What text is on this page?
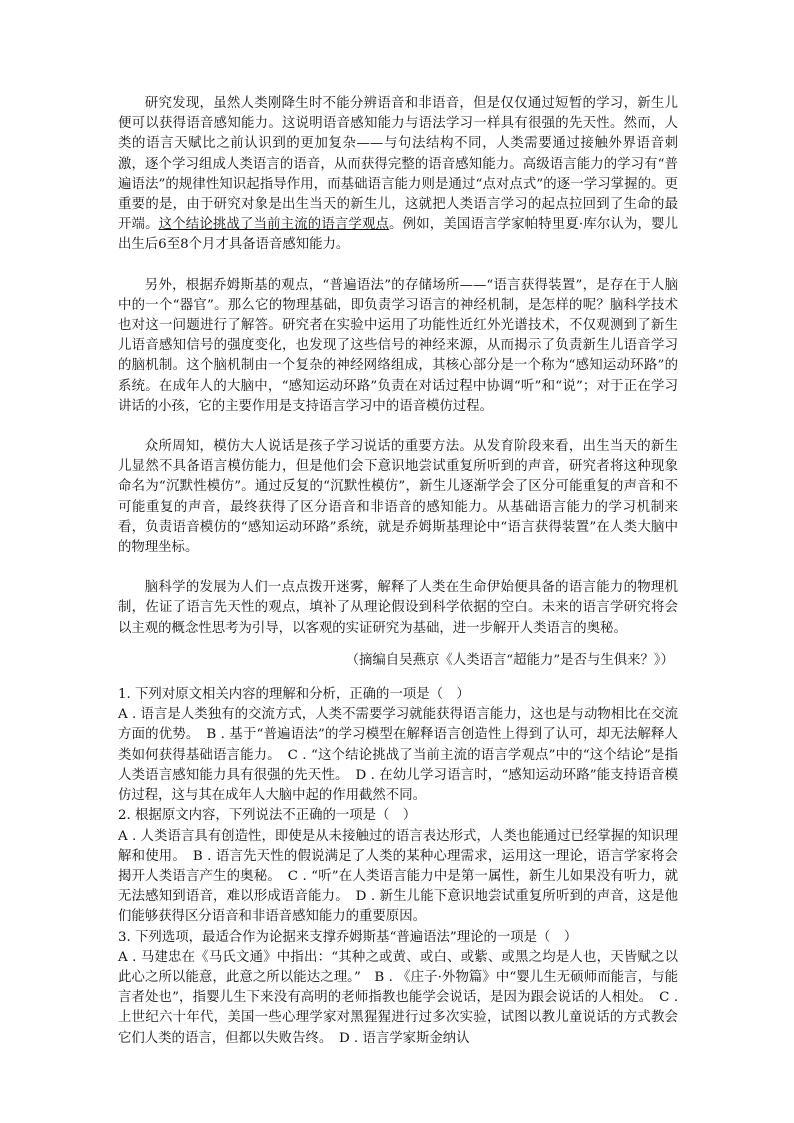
研究发现，虽然人类刚降生时不能分辨语音和非语音，但是仅仅通过短暂的学习，新生儿便可以获得语音感知能力。这说明语音感知能力与语法学习一样具有很强的先天性。然而，人类的语言天赋比之前认识到的更加复杂——与句法结构不同，人类需要通过接触外界语音刺激，逐个学习组成人类语言的语音，从而获得完整的语音感知能力。高级语言能力的学习有“普遍语法”的规律性知识起指导作用，而基础语言能力则是通过“点对点式”的逐一学习掌握的。更重要的是，由于研究对象是出生当天的新生儿，这就把人类语言学习的起点拉回到了生命的最开端。这个结论挑战了当前主流的语言学观点。例如，美国语言学家帕特里夏·库尔认为，婴儿出生后6至8个月才具备语音感知能力。

另外，根据乔姆斯基的观点，“普遍语法”的存储场所——“语言获得装置”，是存在于人脑中的一个“器官”。那么它的物理基础，即负责学习语言的神经机制，是怎样的呢？脑科学技术也对这一问题进行了解答。研究者在实验中运用了功能性近红外光谱技术，不仅观测到了新生儿语音感知信号的强度变化，也发现了这些信号的神经来源，从而揭示了负责新生儿语音学习的脑机制。这个脑机制由一个复杂的神经网络组成，其核心部分是一个称为“感知运动环路”的系统。在成年人的大脑中，“感知运动环路”负责在对话过程中协调“听”和“说”；对于正在学习讲话的小孩，它的主要作用是支持语言学习中的语音模仿过程。

众所周知，模仿大人说话是孩子学习说话的重要方法。从发育阶段来看，出生当天的新生儿显然不具备语言模仿能力，但是他们会下意识地尝试重复所听到的声音，研究者将这种现象命名为“沉默性模仿”。通过反复的“沉默性模仿”，新生儿逐渐学会了区分可能重复的声音和不可能重复的声音，最终获得了区分语音和非语音的感知能力。从基础语言能力的学习机制来看，负责语音模仿的“感知运动环路”系统，就是乔姆斯基理论中“语言获得装置”在人类大脑中的物理坐标。

脑科学的发展为人们一点点拨开迷雾，解释了人类在生命伊始便具备的语言能力的物理机制，佐证了语言先天性的观点，填补了从理论假设到科学依据的空白。未来的语言学研究将会以主观的概念性思考为引导，以客观的实证研究为基础，进一步解开人类语言的奥秘。

（摘编自吴燕京《人类语言“超能力”是否与生俱来？》）

1. 下列对原文相关内容的理解和分析，正确的一项是（　）

A . 语言是人类独有的交流方式，人类不需要学习就能获得语言能力，这也是与动物相比在交流方面的优势。　B . 基于“普遍语法”的学习模型在解释语言创造性上得到了认可，却无法解释人类如何获得基础语言能力。　C . “这个结论挑战了当前主流的语言学观点”中的“这个结论”是指人类语言感知能力具有很强的先天性。　D . 在幼儿学习语言时，“感知运动环路”能支持语音模仿过程，这与其在成年人大脑中起的作用截然不同。

2. 根据原文内容，下列说法不正确的一项是（　）

A . 人类语言具有创造性，即使是从未接触过的语言表达形式，人类也能通过已经掌握的知识理解和使用。　B . 语言先天性的假说满足了人类的某种心理需求，运用这一理论，语言学家将会揭开人类语言产生的奥秘。　C . “听”在人类语言能力中是第一属性，新生儿如果没有听力，就无法感知到语音，难以形成语音能力。　D . 新生儿能下意识地尝试重复所听到的声音，这是他们能够获得区分语音和非语音感知能力的重要原因。

3. 下列选项，最适合作为论据来支撑乔姆斯基“普遍语法”理论的一项是（　）

A . 马建忠在《马氏文通》中指出：“其种之或黄、或白、或紫、或黑之均是人也，天皆赋之以此心之所以能意，此意之所以能达之理。”　B . 《庄子·外物篇》中“婴儿生无硕师而能言，与能言者处也”，指婴儿生下来没有高明的老师指教也能学会说话，是因为跟会说话的人相处。　C . 上世纪六十年代，美国一些心理学家对黑猩猩进行过多次实验，试图以教儿童说话的方式教会它们人类的语言，但都以失败告终。　D . 语言学家斯金纳认
